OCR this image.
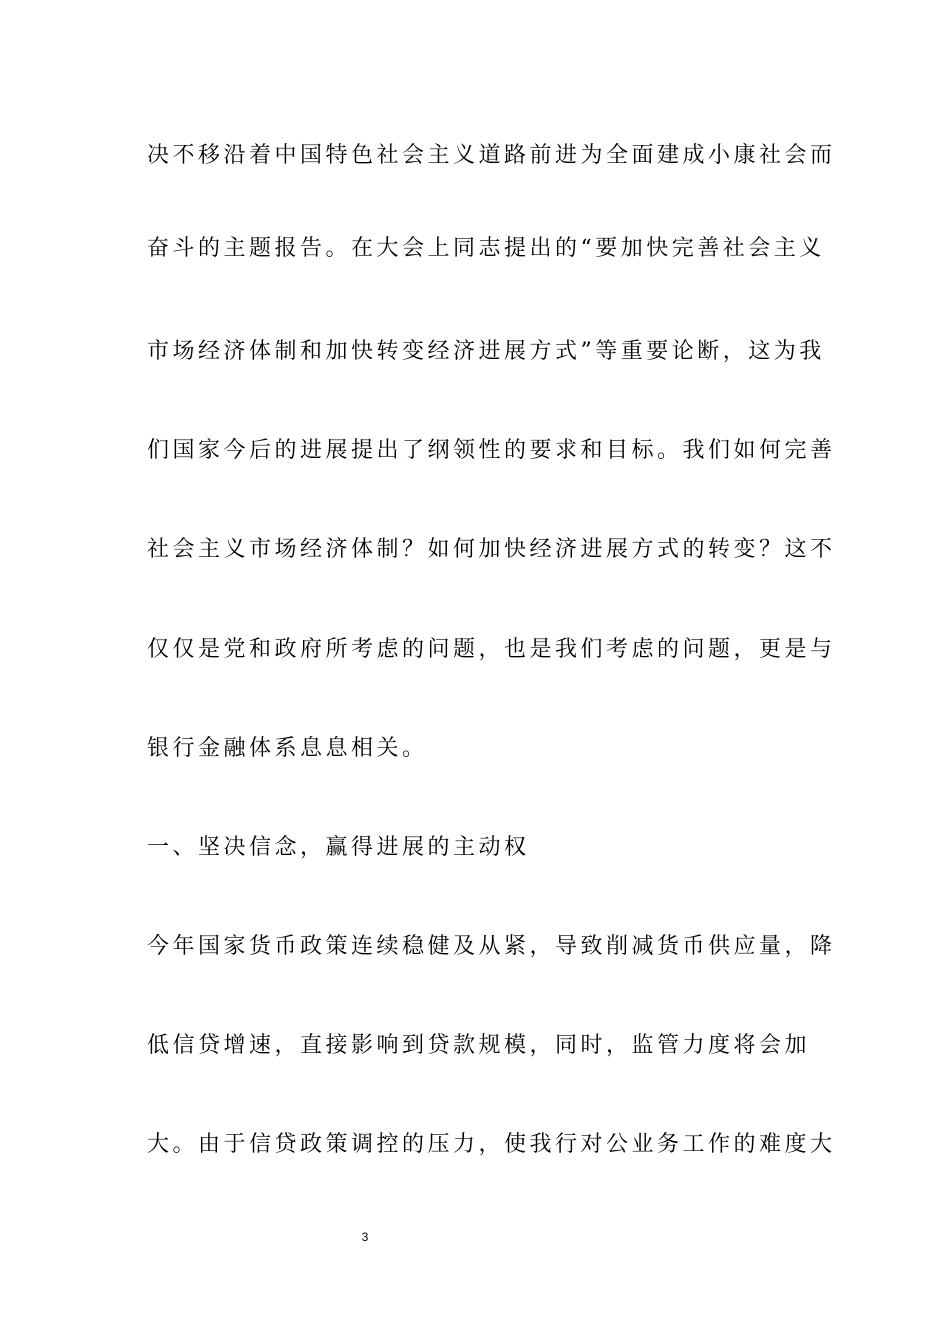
决不移沿着中国特色社会主义道路前进为全面建成小康社会而
奋斗的主题报告。在大会上同志提出的“要加快完善社会主义
市场经济体制和加快转变经济进展方式”等重要论断，这为我
们国家今后的进展提出了纲领性的要求和目标。我们如何完善
社会主义市场经济体制？如何加快经济进展方式的转变？这不
仅仅是党和政府所考虑的问题，也是我们考虑的问题，更是与
银行金融体系息息相关。
一、坚决信念，赢得进展的主动权
今年国家货币政策连续稳健及从紧，导致削减货币供应量，降
低信贷增速，直接影响到贷款规模，同时，监管力度将会加
大。由于信贷政策调控的压力，使我行对公业务工作的难度大
3
